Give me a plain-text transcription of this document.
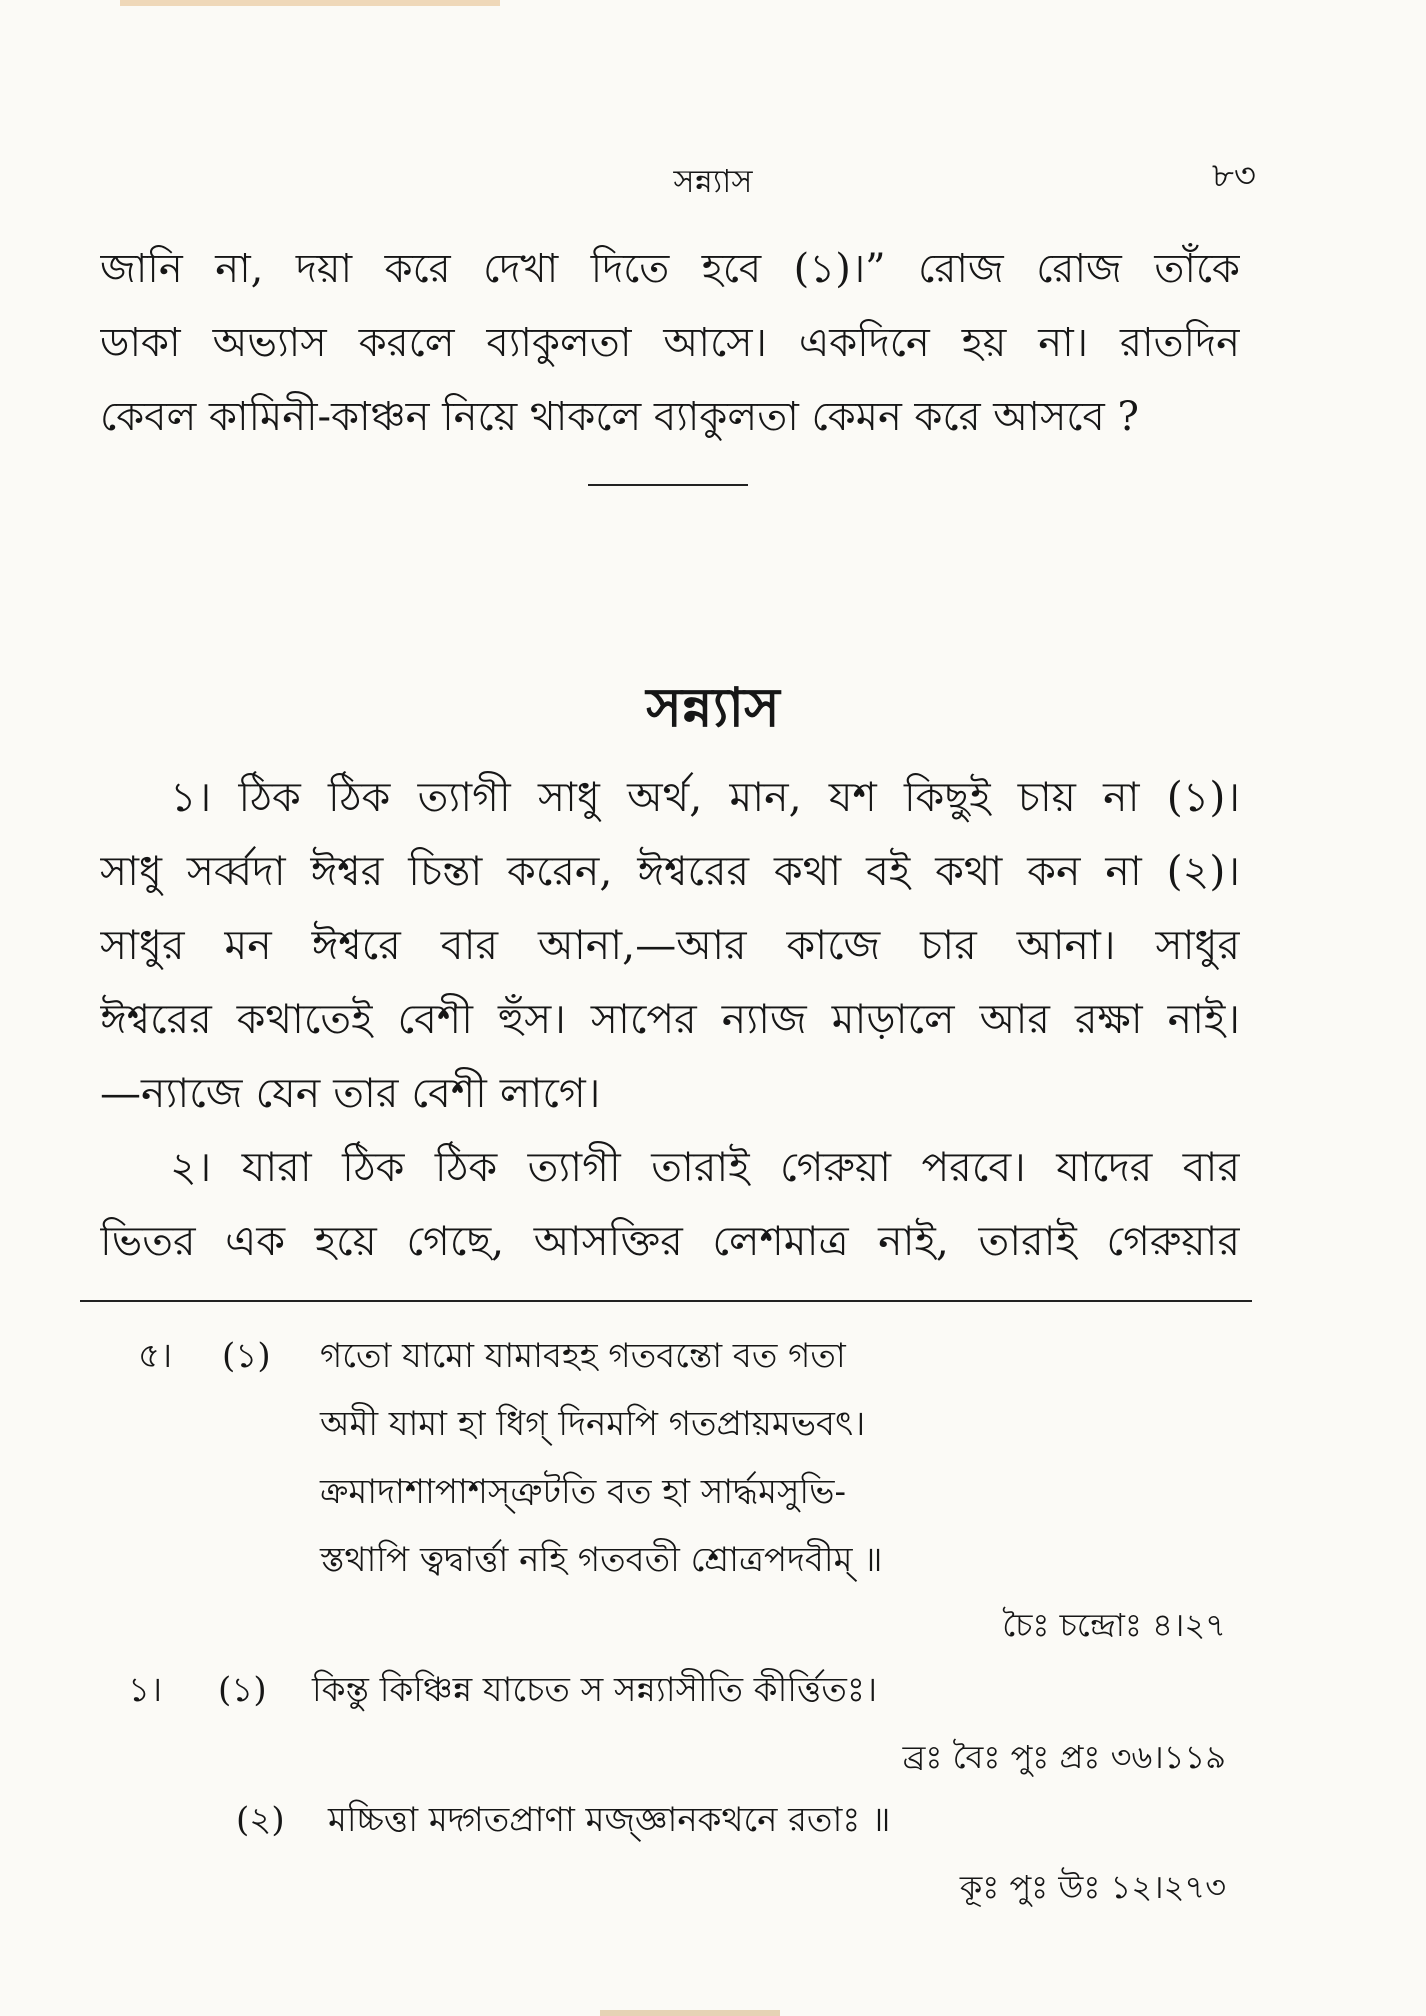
সন্ন্যাস	৮৩
জানি না, দয়া করে দেখা দিতে হবে (১)।” রোজ রোজ তাঁকে
ডাকা অভ্যাস করলে ব্যাকুলতা আসে। একদিনে হয় না। রাতদিন
কেবল কামিনী-কাঞ্চন নিয়ে থাকলে ব্যাকুলতা কেমন করে আসবে ?
সন্ন্যাস
১। ঠিক ঠিক ত্যাগী সাধু অর্থ, মান, যশ কিছুই চায় না (১)।
সাধু সর্ব্বদা ঈশ্বর চিন্তা করেন, ঈশ্বরের কথা বই কথা কন না (২)।
সাধুর মন ঈশ্বরে বার আনা,—আর কাজে চার আনা। সাধুর
ঈশ্বরের কথাতেই বেশী হুঁস। সাপের ন্যাজ মাড়ালে আর রক্ষা নাই।
—ন্যাজে যেন তার বেশী লাগে।
২। যারা ঠিক ঠিক ত্যাগী তারাই গেরুয়া পরবে। যাদের বার
ভিতর এক হয়ে গেছে, আসক্তির লেশমাত্র নাই, তারাই গেরুয়ার
৫। (১) গতো যামো যামাবহহ গতবন্তো বত গতা
অমী যামা হা ধিগ্ দিনমপি গতপ্রায়মভবৎ।
ক্রমাদাশাপাশস্ত্রুটতি বত হা সার্দ্ধমসুভি-
স্তথাপি ত্বদ্বার্ত্তা নহি গতবতী শ্রোত্রপদবীম্ ॥
চৈঃ চন্দ্রোঃ ৪।২৭
১। (১) কিন্তু কিঞ্চিন্ন যাচেত স সন্ন্যাসীতি কীর্ত্তিতঃ।
ব্রঃ বৈঃ পুঃ প্রঃ ৩৬।১১৯
(২) মচ্চিত্তা মদ্গতপ্রাণা মজ্জ্ঞানকথনে রতাঃ ॥
কূঃ পুঃ উঃ ১২।২৭৩
